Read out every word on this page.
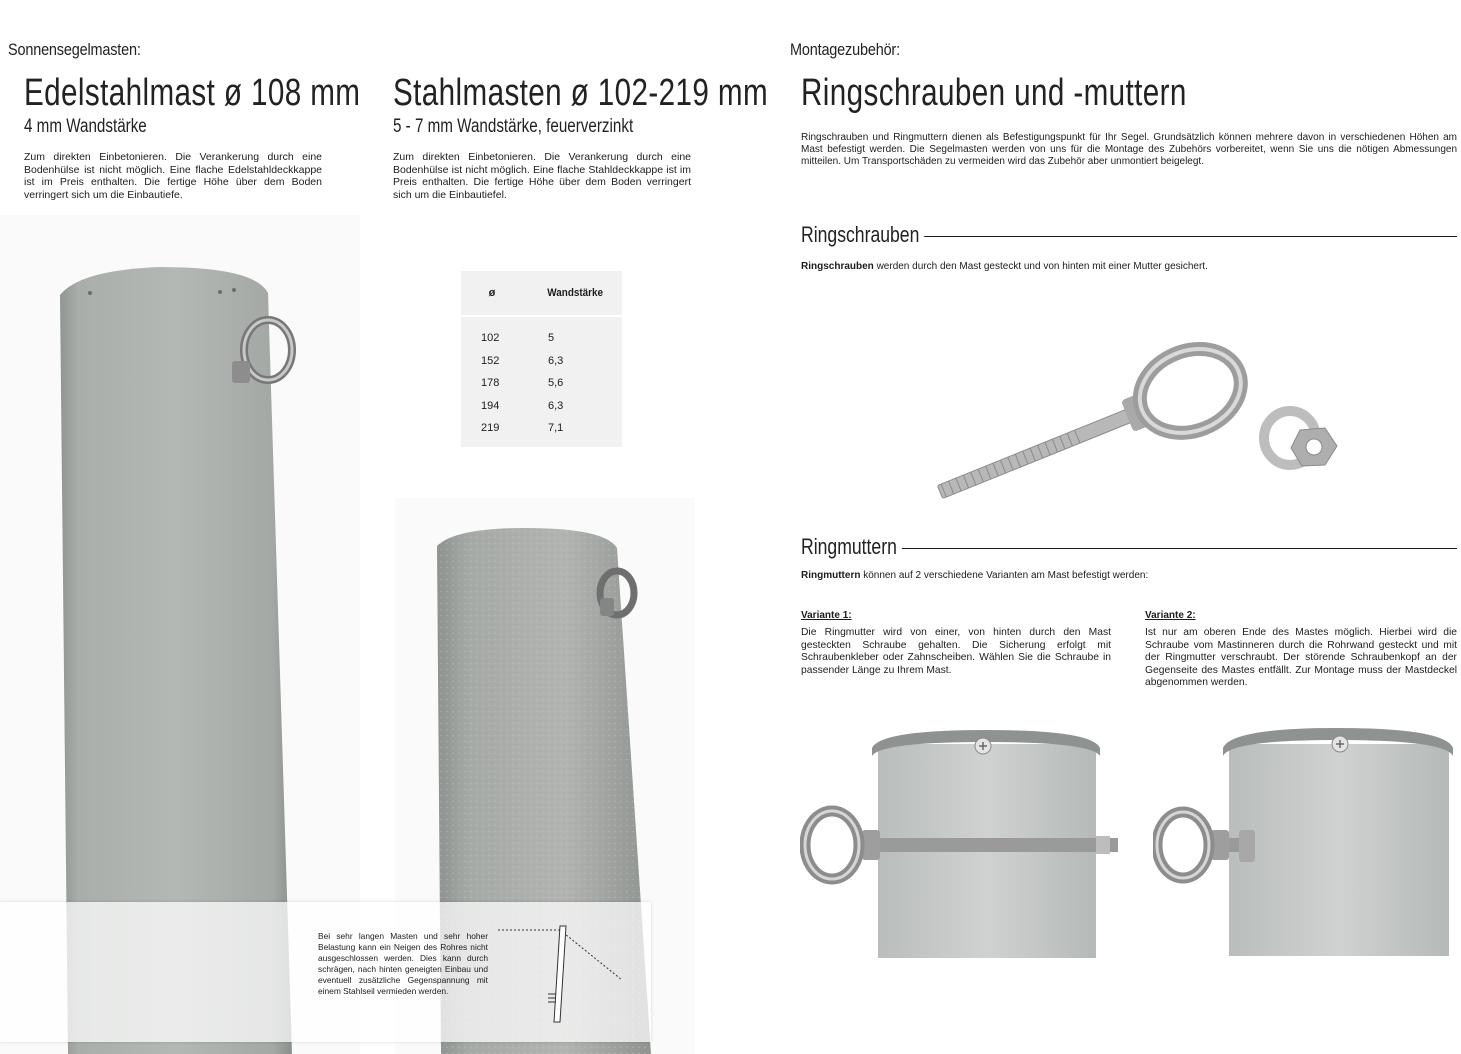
Sonnensegelmasten:
Edelstahlmast ø 108 mm
4 mm Wandstärke
Zum direkten Einbetonieren. Die Verankerung durch eine Bodenhülse ist nicht möglich. Eine flache Edelstahldeckkappe ist im Preis enthalten. Die fertige Höhe über dem Boden verringert sich um die Einbautiefe.
Stahlmasten ø 102-219 mm
5 - 7 mm Wandstärke, feuerverzinkt
Zum direkten Einbetonieren. Die Verankerung durch eine Bodenhülse ist nicht möglich. Eine flache Stahldeckkappe ist im Preis enthalten. Die fertige Höhe über dem Boden verringert sich um die Einbautiefel.
ø	Wandstärke
102	5
152	6,3
178	5,6
194	6,3
219	7,1
Bei sehr langen Masten und sehr hoher Belastung kann ein Neigen des Rohres nicht ausgeschlossen werden. Dies kann durch schrägen, nach hinten geneigten Einbau und eventuell zusätzliche Gegenspannung mit einem Stahlseil vermieden werden.
Montagezubehör:
Ringschrauben und -muttern
Ringschrauben und Ringmuttern dienen als Befestigungspunkt für Ihr Segel. Grundsätzlich können mehrere davon in verschiedenen Höhen am Mast befestigt werden. Die Segelmasten werden von uns für die Montage des Zubehörs vorbereitet, wenn Sie uns die nötigen Abmessungen mitteilen. Um Transportschäden zu vermeiden wird das Zubehör aber unmontiert beigelegt.
Ringschrauben
Ringschrauben werden durch den Mast gesteckt und von hinten mit einer Mutter gesichert.
Ringmuttern
Ringmuttern können auf 2 verschiedene Varianten am Mast befestigt werden:
Variante 1:
Die Ringmutter wird von einer, von hinten durch den Mast gesteckten Schraube gehalten. Die Sicherung erfolgt mit Schraubenkleber oder Zahnscheiben. Wählen Sie die Schraube in passender Länge zu Ihrem Mast.
Variante 2:
Ist nur am oberen Ende des Mastes möglich. Hierbei wird die Schraube vom Mastinneren durch die Rohrwand gesteckt und mit der Ringmutter verschraubt. Der störende Schraubenkopf an der Gegenseite des Mastes entfällt. Zur Montage muss der Mastdeckel abgenommen werden.
